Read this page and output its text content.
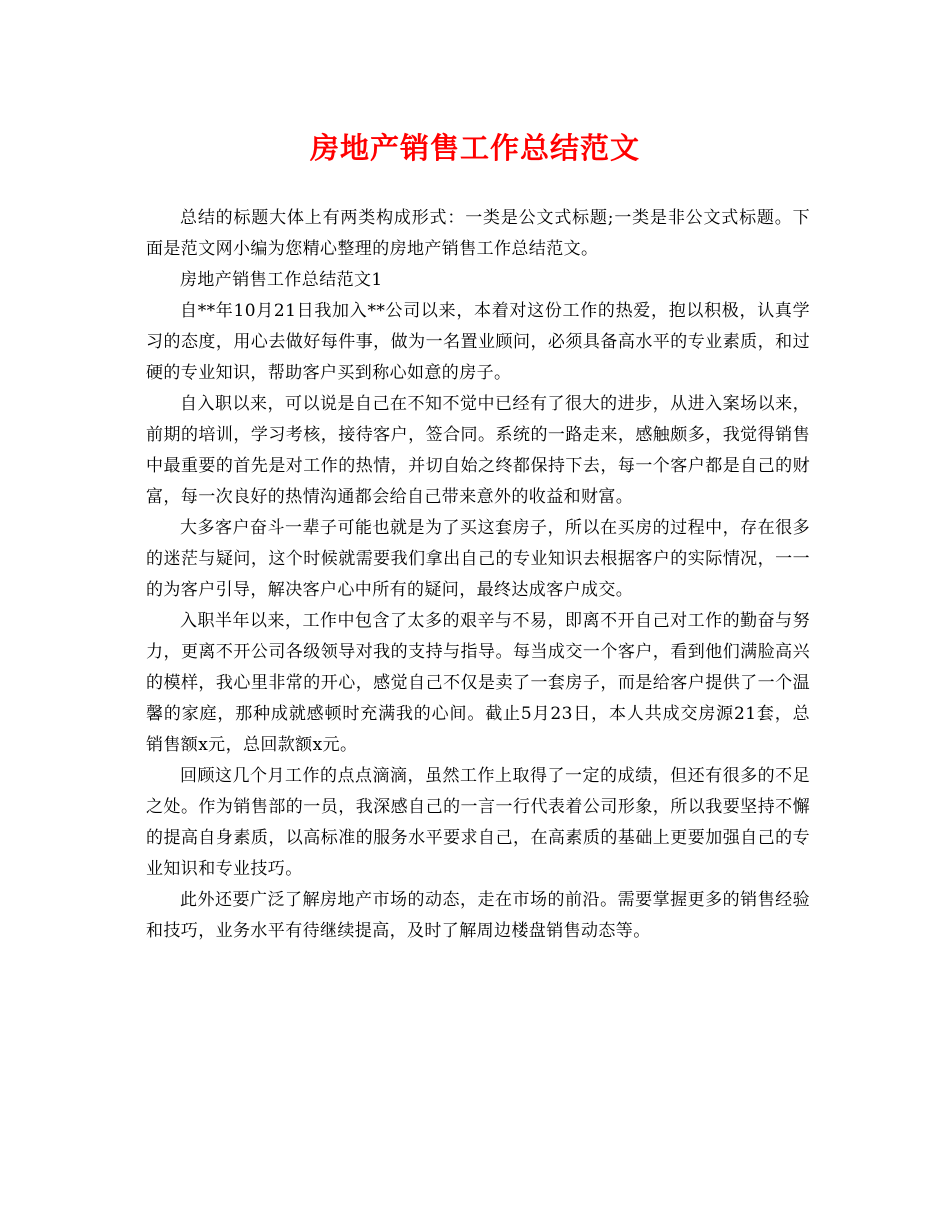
房地产销售工作总结范文

总结的标题大体上有两类构成形式：一类是公文式标题;一类是非公文式标题。下面是范文网小编为您精心整理的房地产销售工作总结范文。

房地产销售工作总结范文1

自**年10月21日我加入**公司以来，本着对这份工作的热爱，抱以积极，认真学习的态度，用心去做好每件事，做为一名置业顾问，必须具备高水平的专业素质，和过硬的专业知识，帮助客户买到称心如意的房子。

自入职以来，可以说是自己在不知不觉中已经有了很大的进步，从进入案场以来，前期的培训，学习考核，接待客户，签合同。系统的一路走来，感触颇多，我觉得销售中最重要的首先是对工作的热情，并切自始之终都保持下去，每一个客户都是自己的财富，每一次良好的热情沟通都会给自己带来意外的收益和财富。

大多客户奋斗一辈子可能也就是为了买这套房子，所以在买房的过程中，存在很多的迷茫与疑问，这个时候就需要我们拿出自己的专业知识去根据客户的实际情况，一一的为客户引导，解决客户心中所有的疑问，最终达成客户成交。

入职半年以来，工作中包含了太多的艰辛与不易，即离不开自己对工作的勤奋与努力，更离不开公司各级领导对我的支持与指导。每当成交一个客户，看到他们满脸高兴的模样，我心里非常的开心，感觉自己不仅是卖了一套房子，而是给客户提供了一个温馨的家庭，那种成就感顿时充满我的心间。截止5月23日，本人共成交房源21套，总销售额x元，总回款额x元。

回顾这几个月工作的点点滴滴，虽然工作上取得了一定的成绩，但还有很多的不足之处。作为销售部的一员，我深感自己的一言一行代表着公司形象，所以我要坚持不懈的提高自身素质，以高标准的服务水平要求自己，在高素质的基础上更要加强自己的专业知识和专业技巧。

此外还要广泛了解房地产市场的动态，走在市场的前沿。需要掌握更多的销售经验和技巧，业务水平有待继续提高，及时了解周边楼盘销售动态等。
